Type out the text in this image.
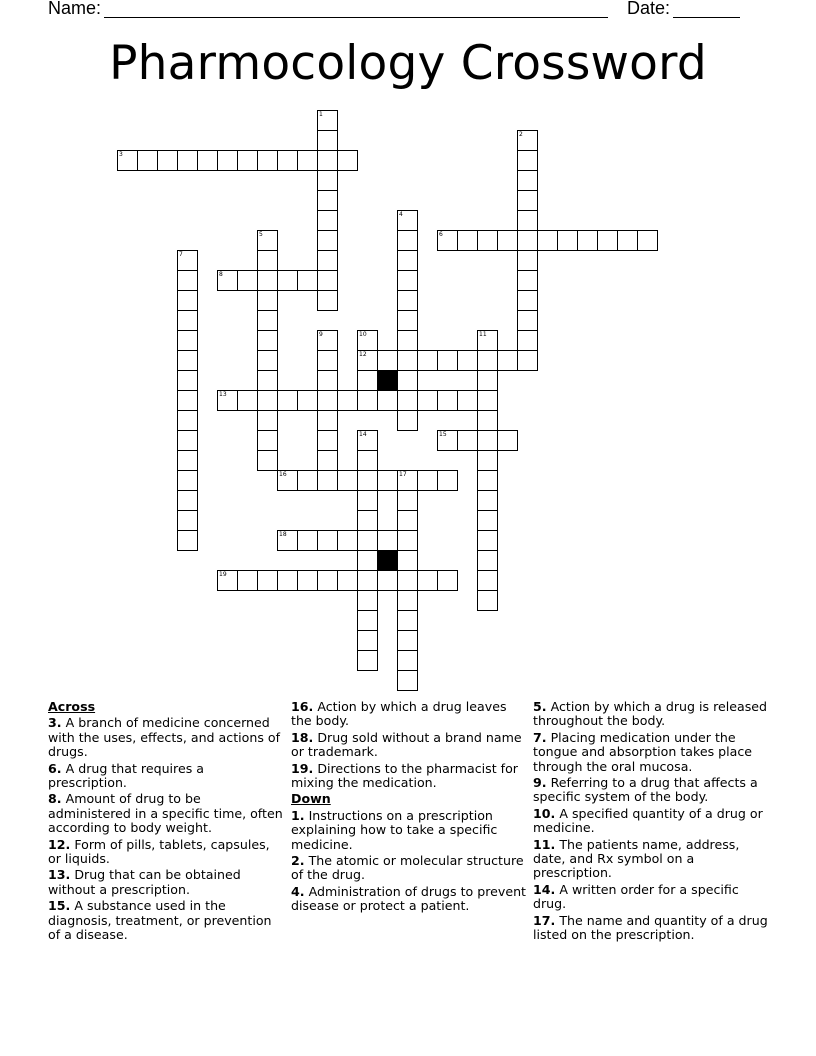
Name:	Date:
Pharmocology Crossword
3
6
8
12
13
15
16	17
18
19
1
2
4
5
7
9	10	11
14
Across
3. A branch of medicine concerned with the uses, effects, and actions of drugs.
6. A drug that requires a prescription.
8. Amount of drug to be administered in a specific time, often according to body weight.
12. Form of pills, tablets, capsules, or liquids.
13. Drug that can be obtained without a prescription.
15. A substance used in the diagnosis, treatment, or prevention of a disease.
16. Action by which a drug leaves the body.
18. Drug sold without a brand name or trademark.
19. Directions to the pharmacist for mixing the medication.
Down
1. Instructions on a prescription explaining how to take a specific medicine.
2. The atomic or molecular structure of the drug.
4. Administration of drugs to prevent disease or protect a patient.
5. Action by which a drug is released throughout the body.
7. Placing medication under the tongue and absorption takes place through the oral mucosa.
9. Referring to a drug that affects a specific system of the body.
10. A specified quantity of a drug or medicine.
11. The patients name, address, date, and Rx symbol on a prescription.
14. A written order for a specific drug.
17. The name and quantity of a drug listed on the prescription.
